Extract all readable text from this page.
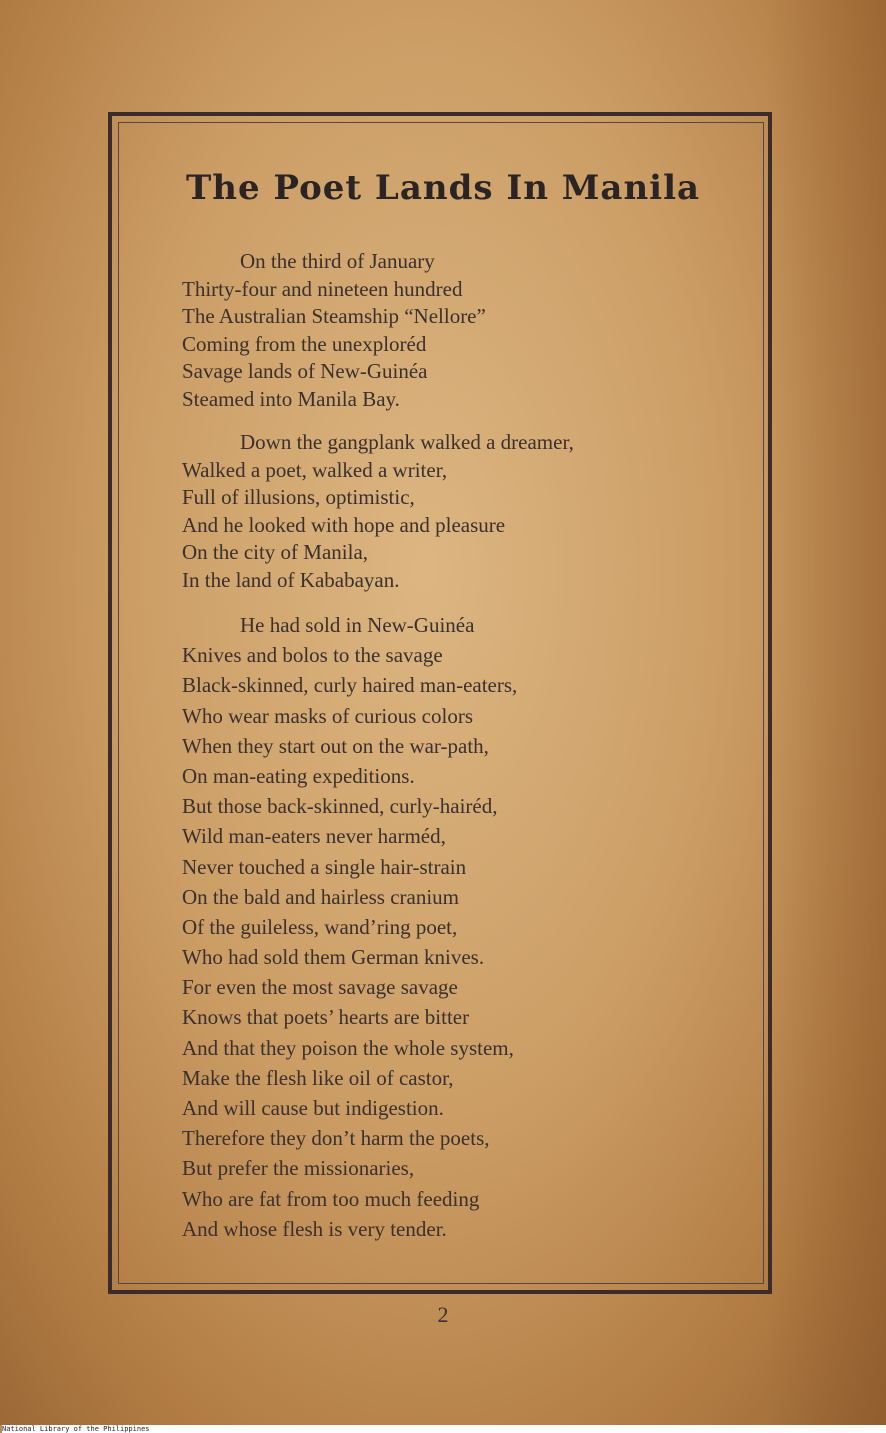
The Poet Lands In Manila
On the third of January
Thirty-four and nineteen hundred
The Australian Steamship “Nellore”
Coming from the unexploréd
Savage lands of New-Guinéa
Steamed into Manila Bay.
Down the gangplank walked a dreamer,
Walked a poet, walked a writer,
Full of illusions, optimistic,
And he looked with hope and pleasure
On the city of Manila,
In the land of Kababayan.
He had sold in New-Guinéa
Knives and bolos to the savage
Black-skinned, curly haired man-eaters,
Who wear masks of curious colors
When they start out on the war-path,
On man-eating expeditions.
But those back-skinned, curly-hairéd,
Wild man-eaters never harméd,
Never touched a single hair-strain
On the bald and hairless cranium
Of the guileless, wand’ring poet,
Who had sold them German knives.
For even the most savage savage
Knows that poets’ hearts are bitter
And that they poison the whole system,
Make the flesh like oil of castor,
And will cause but indigestion.
Therefore they don’t harm the poets,
But prefer the missionaries,
Who are fat from too much feeding
And whose flesh is very tender.
2
National Library of the Philippines
